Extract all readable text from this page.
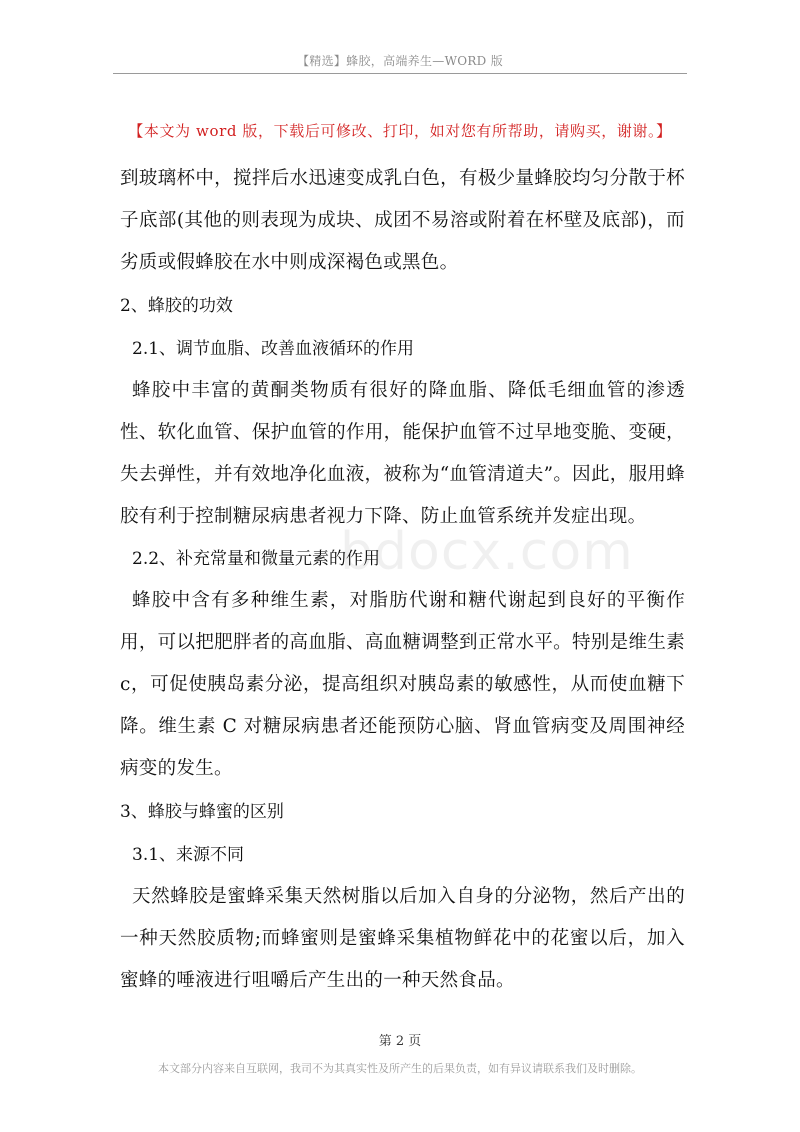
【精选】蜂胶，高端养生—WORD 版
【本文为 word 版，下载后可修改、打印，如对您有所帮助，请购买，谢谢。】

到玻璃杯中，搅拌后水迅速变成乳白色，有极少量蜂胶均匀分散于杯子底部(其他的则表现为成块、成团不易溶或附着在杯壁及底部)，而劣质或假蜂胶在水中则成深褐色或黑色。

2、蜂胶的功效

2.1、调节血脂、改善血液循环的作用

蜂胶中丰富的黄酮类物质有很好的降血脂、降低毛细血管的渗透性、软化血管、保护血管的作用，能保护血管不过早地变脆、变硬，失去弹性，并有效地净化血液，被称为“血管清道夫”。因此，服用蜂胶有利于控制糖尿病患者视力下降、防止血管系统并发症出现。

2.2、补充常量和微量元素的作用

蜂胶中含有多种维生素，对脂肪代谢和糖代谢起到良好的平衡作用，可以把肥胖者的高血脂、高血糖调整到正常水平。特别是维生素 c，可促使胰岛素分泌，提高组织对胰岛素的敏感性，从而使血糖下降。维生素 C 对糖尿病患者还能预防心脑、肾血管病变及周围神经病变的发生。

3、蜂胶与蜂蜜的区别

3.1、来源不同

天然蜂胶是蜜蜂采集天然树脂以后加入自身的分泌物，然后产出的一种天然胶质物;而蜂蜜则是蜜蜂采集植物鲜花中的花蜜以后，加入蜜蜂的唾液进行咀嚼后产生出的一种天然食品。

bdocx.com
第 2 页
本文部分内容来自互联网，我司不为其真实性及所产生的后果负责，如有异议请联系我们及时删除。
